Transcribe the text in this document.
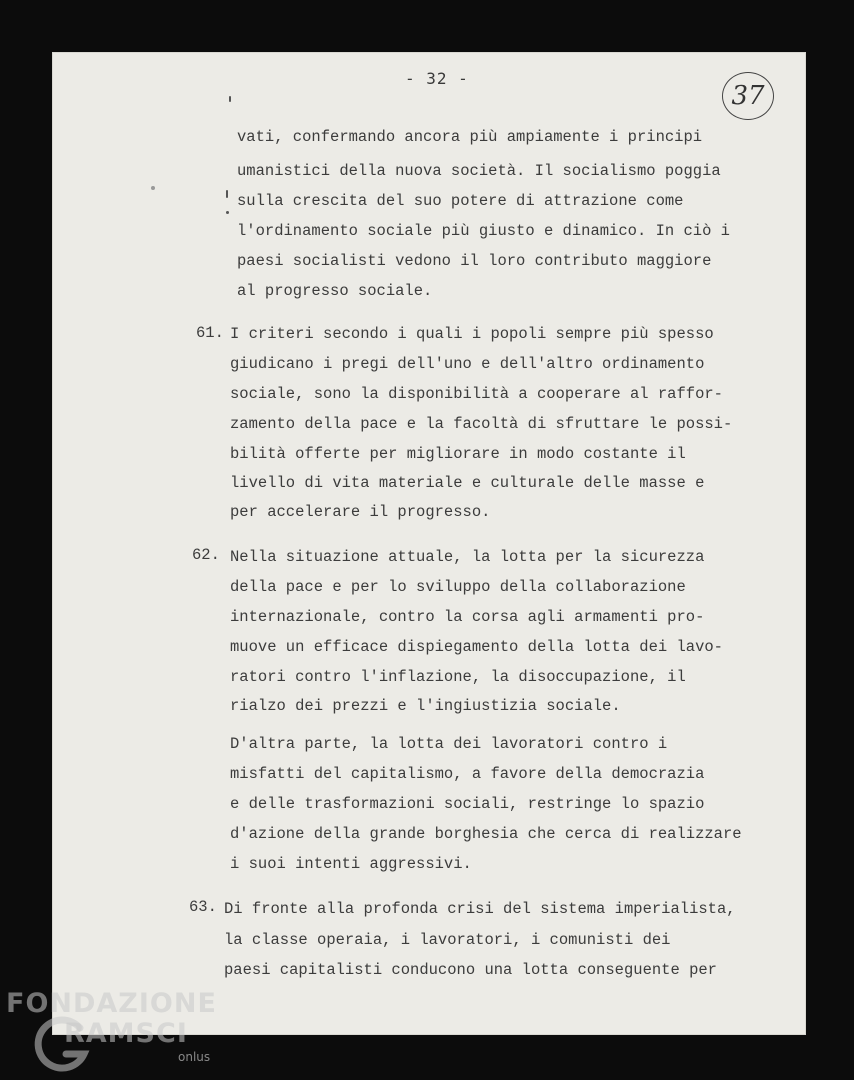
- 32 -
37
vati, confermando ancora più ampiamente i principi
umanistici della nuova società. Il socialismo poggia
sulla crescita del suo potere di attrazione come
l'ordinamento sociale più giusto e dinamico. In ciò i
paesi socialisti vedono il loro contributo maggiore
al progresso sociale.
61. I criteri secondo i quali i popoli sempre più spesso
giudicano i pregi dell'uno e dell'altro ordinamento
sociale, sono la disponibilità a cooperare al raffor-
zamento della pace e la facoltà di sfruttare le possi-
bilità offerte per migliorare in modo costante il
livello di vita materiale e culturale delle masse e
per accelerare il progresso.
62. Nella situazione attuale, la lotta per la sicurezza
della pace e per lo sviluppo della collaborazione
internazionale, contro la corsa agli armamenti pro-
muove un efficace dispiegamento della lotta dei lavo-
ratori contro l'inflazione, la disoccupazione, il
rialzo dei prezzi e l'ingiustizia sociale.
D'altra parte, la lotta dei lavoratori contro i
misfatti del capitalismo, a favore della democrazia
e delle trasformazioni sociali, restringe lo spazio
d'azione della grande borghesia che cerca di realizzare
i suoi intenti aggressivi.
63. Di fronte alla profonda crisi del sistema imperialista,
la classe operaia, i lavoratori, i comunisti dei
paesi capitalisti conducono una lotta conseguente per
FONDAZIONE
RAMSCI
onlus
